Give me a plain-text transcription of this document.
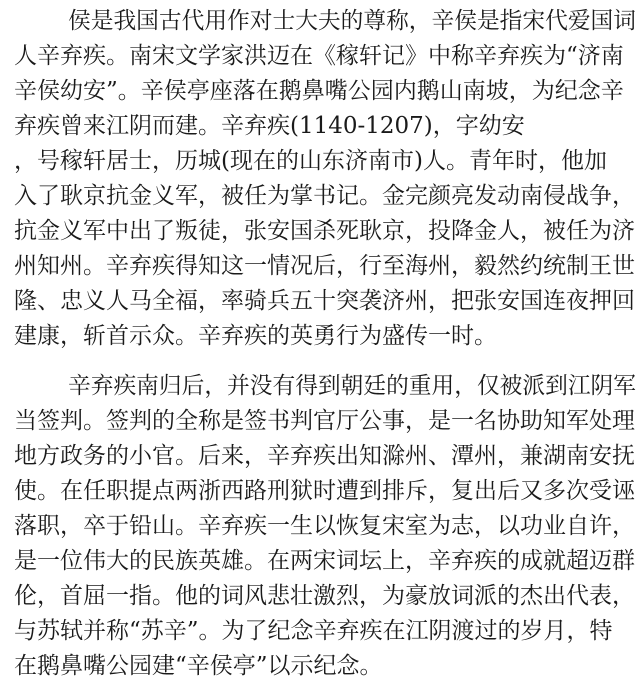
侯是我国古代用作对士大夫的尊称，辛侯是指宋代爱国词
人辛弃疾。南宋文学家洪迈在《稼轩记》中称辛弃疾为“济南
辛侯幼安”。辛侯亭座落在鹅鼻嘴公园内鹅山南坡，为纪念辛
弃疾曾来江阴而建。辛弃疾(1140-1207)，字幼安
，号稼轩居士，历城(现在的山东济南市)人。青年时，他加
入了耿京抗金义军，被任为掌书记。金完颜亮发动南侵战争，
抗金义军中出了叛徒，张安国杀死耿京，投降金人，被任为济
州知州。辛弃疾得知这一情况后，行至海州，毅然约统制王世
隆、忠义人马全福，率骑兵五十突袭济州，把张安国连夜押回
建康，斩首示众。辛弃疾的英勇行为盛传一时。
辛弃疾南归后，并没有得到朝廷的重用，仅被派到江阴军
当签判。签判的全称是签书判官厅公事，是一名协助知军处理
地方政务的小官。后来，辛弃疾出知滁州、潭州，兼湖南安抚
使。在任职提点两浙西路刑狱时遭到排斥，复出后又多次受诬
落职，卒于铅山。辛弃疾一生以恢复宋室为志，以功业自许，
是一位伟大的民族英雄。在两宋词坛上，辛弃疾的成就超迈群
伦，首屈一指。他的词风悲壮激烈，为豪放词派的杰出代表，
与苏轼并称“苏辛”。为了纪念辛弃疾在江阴渡过的岁月，特
在鹅鼻嘴公园建“辛侯亭”以示纪念。
